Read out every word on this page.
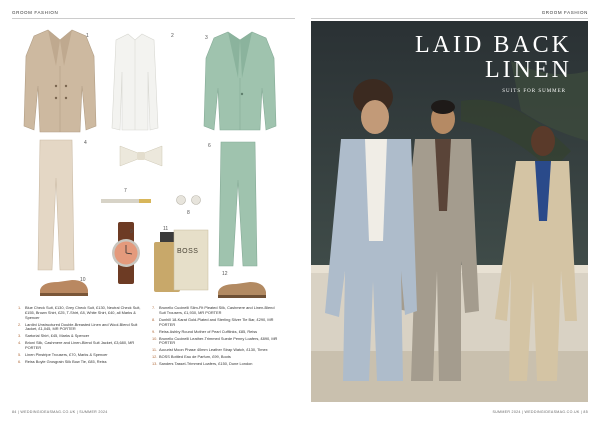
GROOM FASHION	GROOM FASHION
1	2	3
4	6
7
8
9
10
BOSS
11
12
1. Blue Check Suit, £130, Grey Check Suit, £130, Neutral Check Suit, £155, Brown Shirt, £25, T-Shirt, £8, White Shirt, £40, all Marks & Spencer
2. Lardini Unstructured Double-Breasted Linen and Wool-Blend Suit Jacket, £1,045, MR PORTER
3. Sartorial Shirt, £45, Marks & Spencer
4. Brioni Silk, Cashmere and Linen-Blend Suit Jacket, £3,680, MR PORTER
5. Linen Pinstripe Trousers, £70, Marks & Spencer
6. Reiss Boyle Grosgrain Silk Bow Tie, £85, Reiss
7. Brunello Cucinelli Slim-Fit Pleated Silk, Cashmere and Linen-Blend Suit Trousers, £1,930, MR PORTER
8. Dunhill 18-Karat Gold-Plated and Sterling Silver Tie Bar, £290, MR PORTER
9. Reiss Ashby Round Mother of Pearl Cufflinks, £85, Reiss
10. Brunello Cucinelli Leather-Trimmed Suede Penny Loafers, £890, MR PORTER
11. Accurist Moon Phase 40mm Leather Strap Watch, £130, Timex
12. BOSS Bottled Eau de Parfum, £99, Boots
13. Sanders Tassel-Trimmed Loafers, £150, Dune London
LAID BACK
LINEN
SUITS FOR SUMMER
84 | WEDDINGIDEASMAG.CO.UK | SUMMER 2024	SUMMER 2024 | WEDDINGIDEASMAG.CO.UK | 85
